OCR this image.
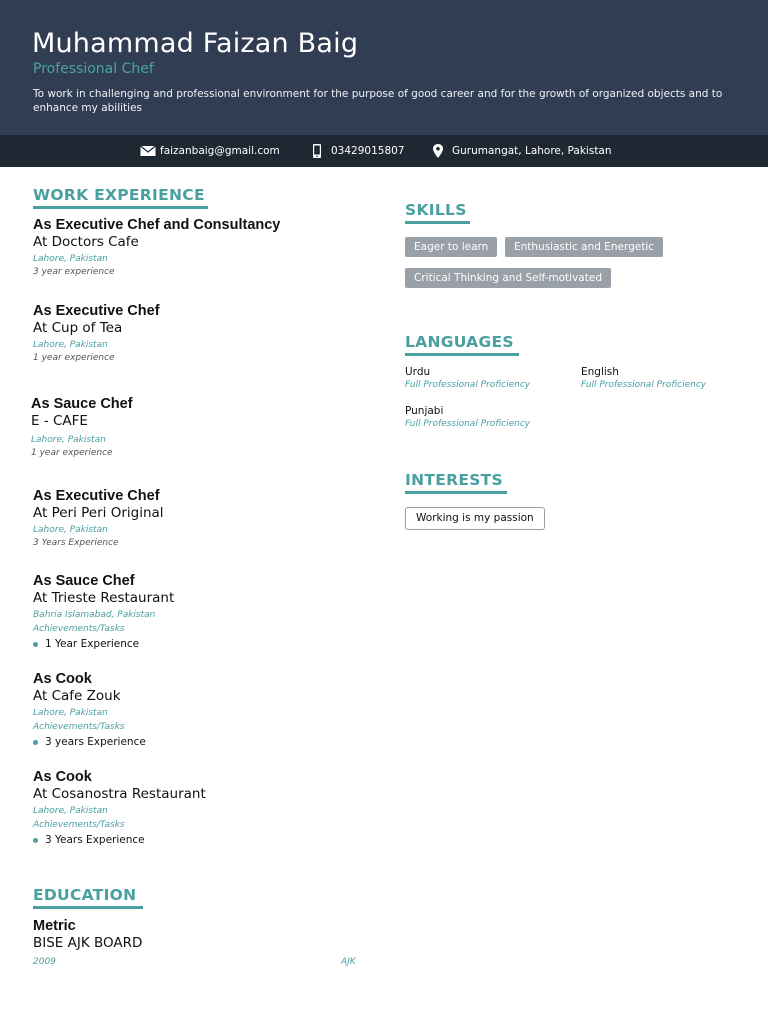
Muhammad Faizan Baig
Professional Chef
To work in challenging and professional environment for the purpose of good career and for the growth of organized objects and to enhance my abilities
faizanbaig@gmail.com	03429015807	Gurumangat, Lahore, Pakistan
WORK EXPERIENCE
As Executive Chef and Consultancy
At Doctors Cafe
Lahore, Pakistan
3 year experience
As Executive Chef
At Cup of Tea
Lahore, Pakistan
1 year experience
As Sauce Chef
E - CAFE
Lahore, Pakistan
1 year experience
As Executive Chef
At Peri Peri Original
Lahore, Pakistan
3 Years Experience
As Sauce Chef
At Trieste Restaurant
Bahria Islamabad, Pakistan
Achievements/Tasks
1 Year Experience
As Cook
At Cafe Zouk
Lahore, Pakistan
Achievements/Tasks
3 years Experience
As Cook
At Cosanostra Restaurant
Lahore, Pakistan
Achievements/Tasks
3 Years Experience
EDUCATION
Metric
BISE AJK BOARD
2009	AJK
SKILLS
Eager to learn	Enthusiastic and Energetic
Critical Thinking and Self-motivated
LANGUAGES
Urdu
Full Professional Proficiency
English
Full Professional Proficiency
Punjabi
Full Professional Proficiency
INTERESTS
Working is my passion
